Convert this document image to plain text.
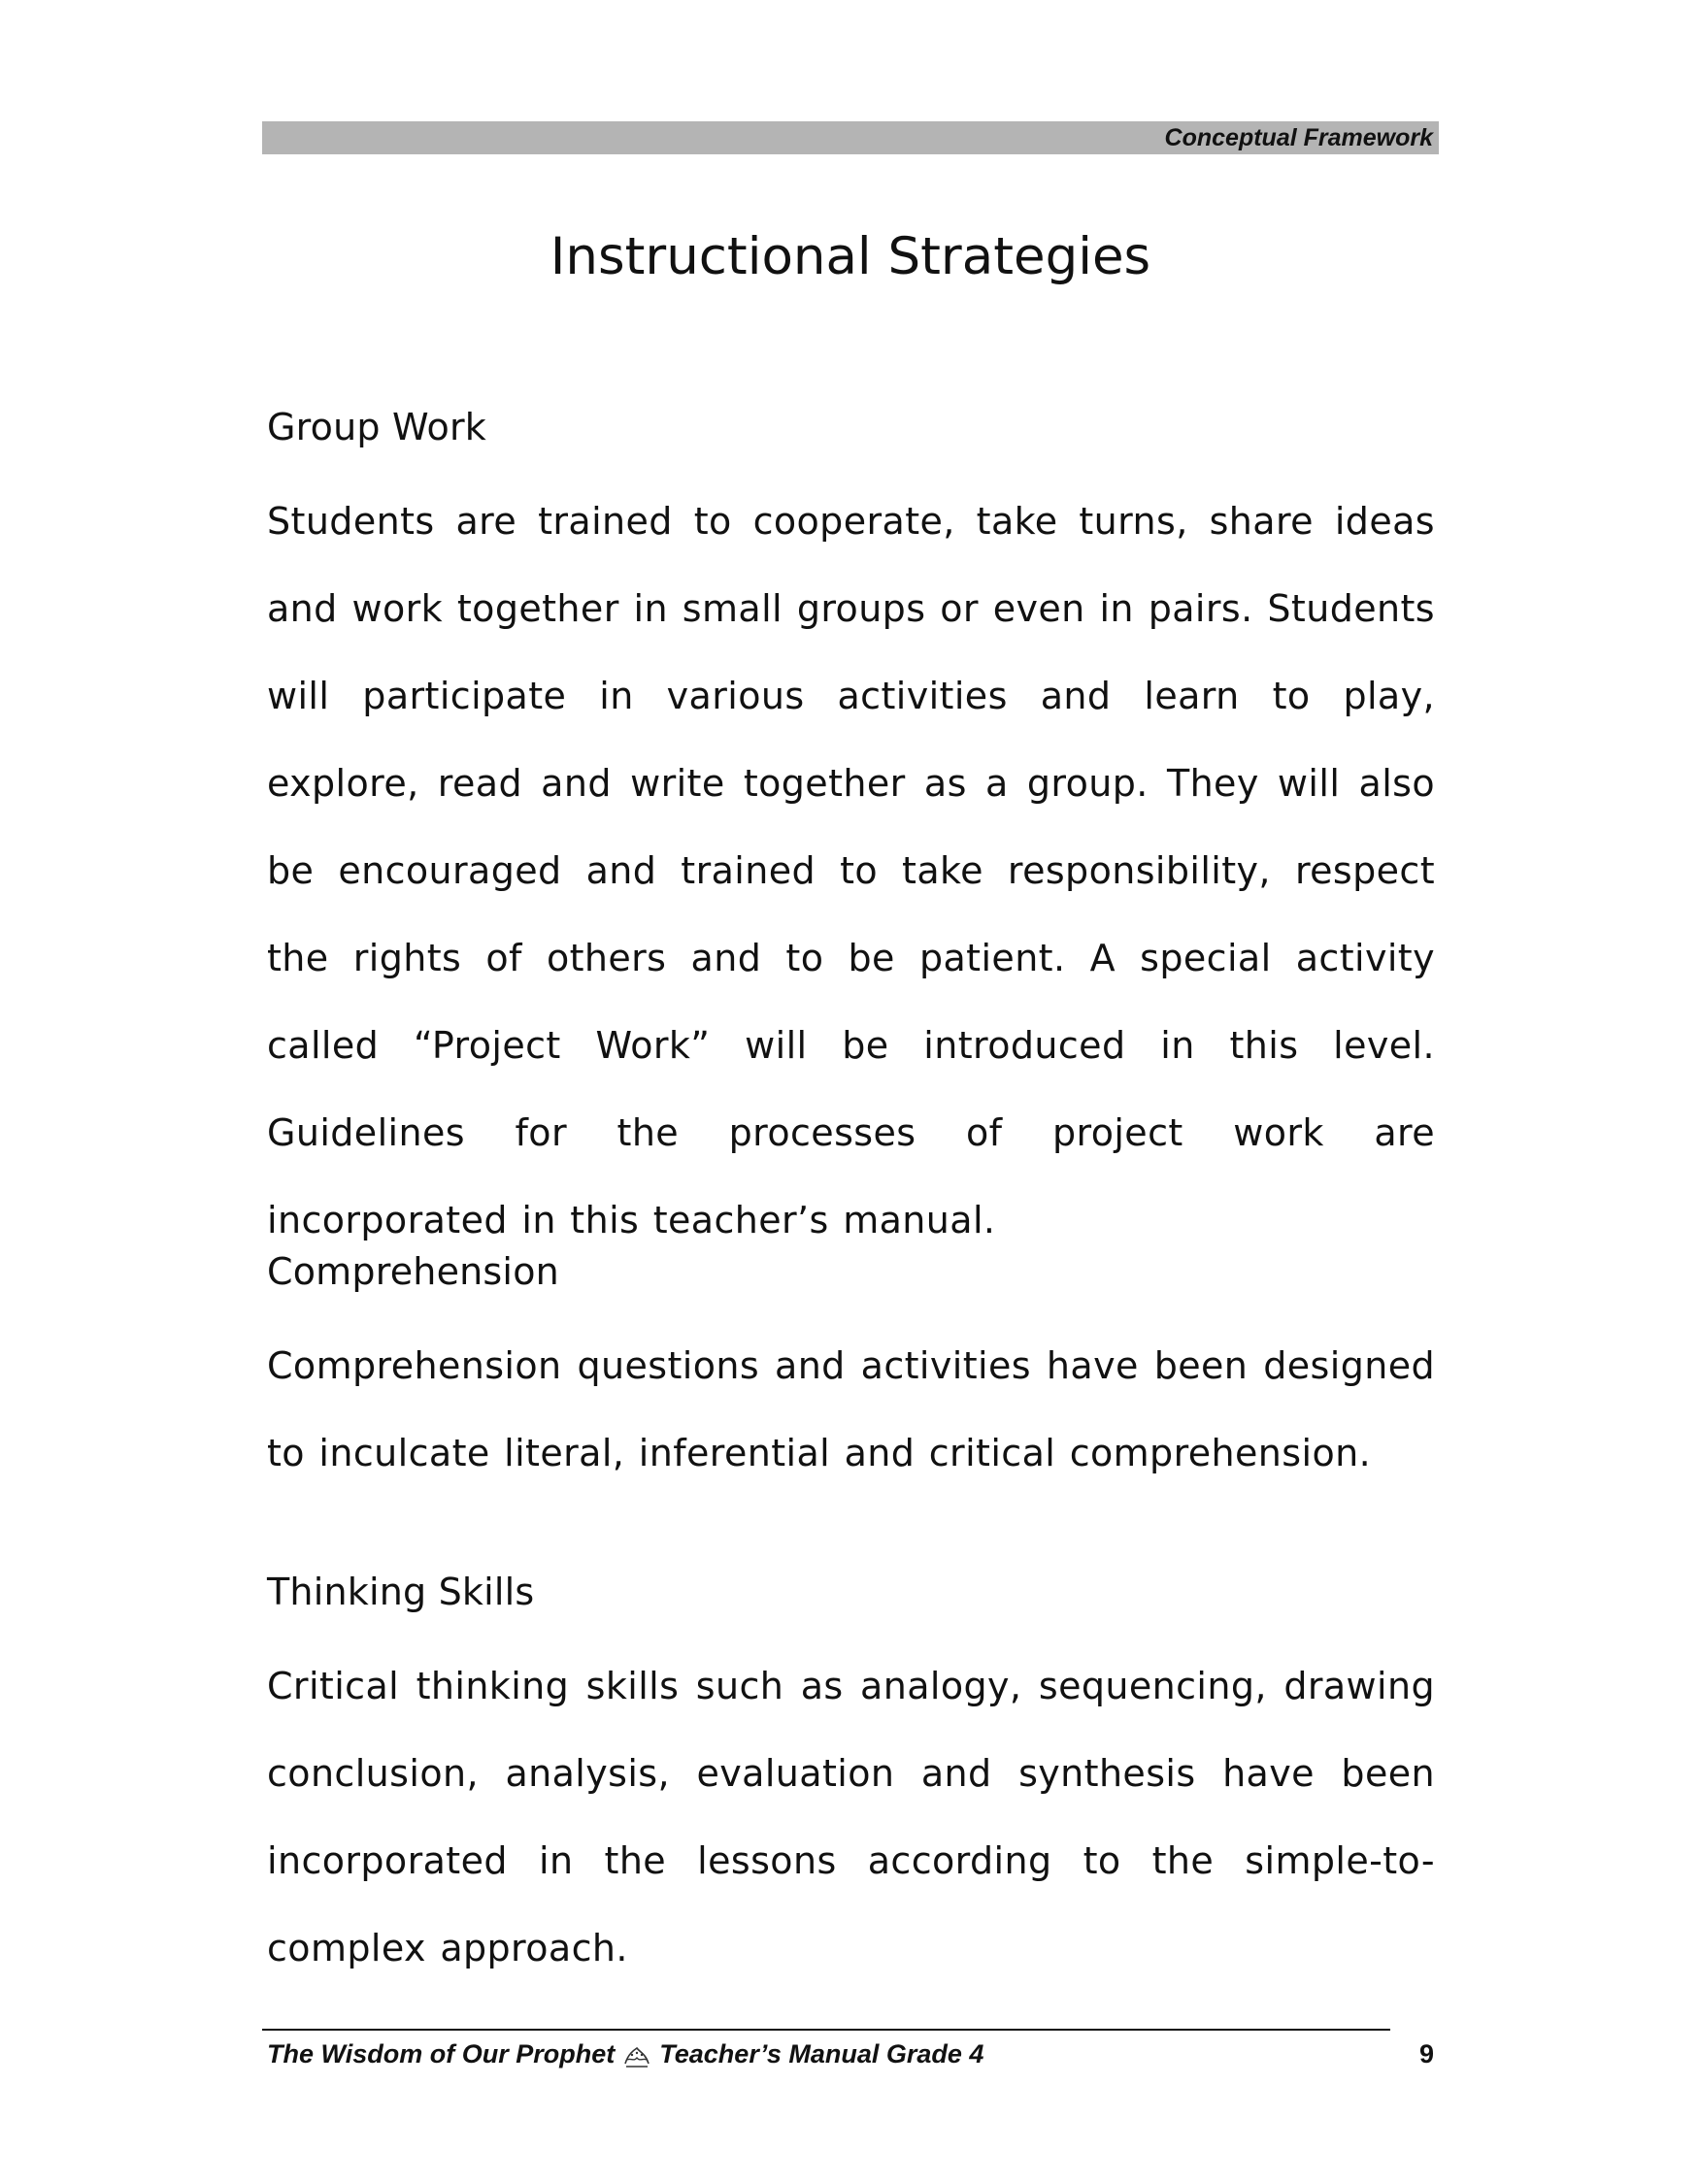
Conceptual Framework
Instructional Strategies
Group Work

Students are trained to cooperate, take turns, share ideas and work together in small groups or even in pairs. Students will participate in various activities and learn to play, explore, read and write together as a group. They will also be encouraged and trained to take responsibility, respect the rights of others and to be patient. A special activity called “Project Work” will be introduced in this level. Guidelines for the processes of project work are incorporated in this teacher’s manual.

Comprehension

Comprehension questions and activities have been designed to inculcate literal, inferential and critical comprehension.

Thinking Skills

Critical thinking skills such as analogy, sequencing, drawing conclusion, analysis, evaluation and synthesis have been incorporated in the lessons according to the simple-to-complex approach.

The Wisdom of Our Prophet Teacher’s Manual Grade 4	9
